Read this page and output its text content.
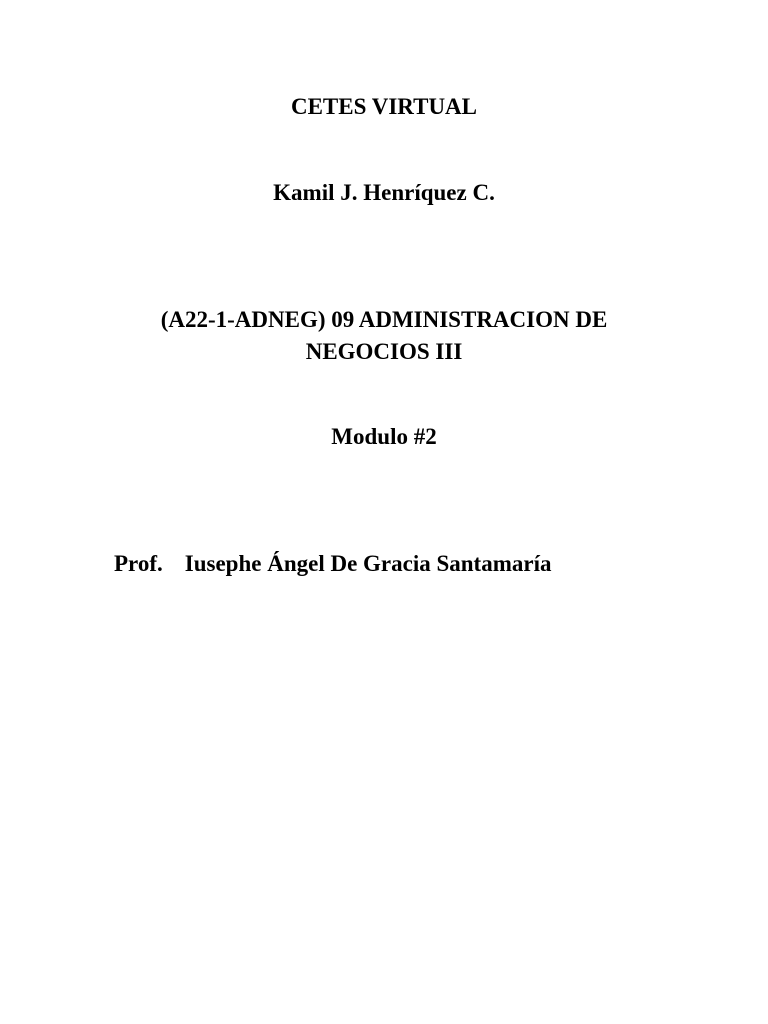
CETES VIRTUAL
Kamil J. Henríquez C.
(A22-1-ADNEG) 09 ADMINISTRACION DE
NEGOCIOS III
Modulo #2
Prof. Iusephe Ángel De Gracia Santamaría
